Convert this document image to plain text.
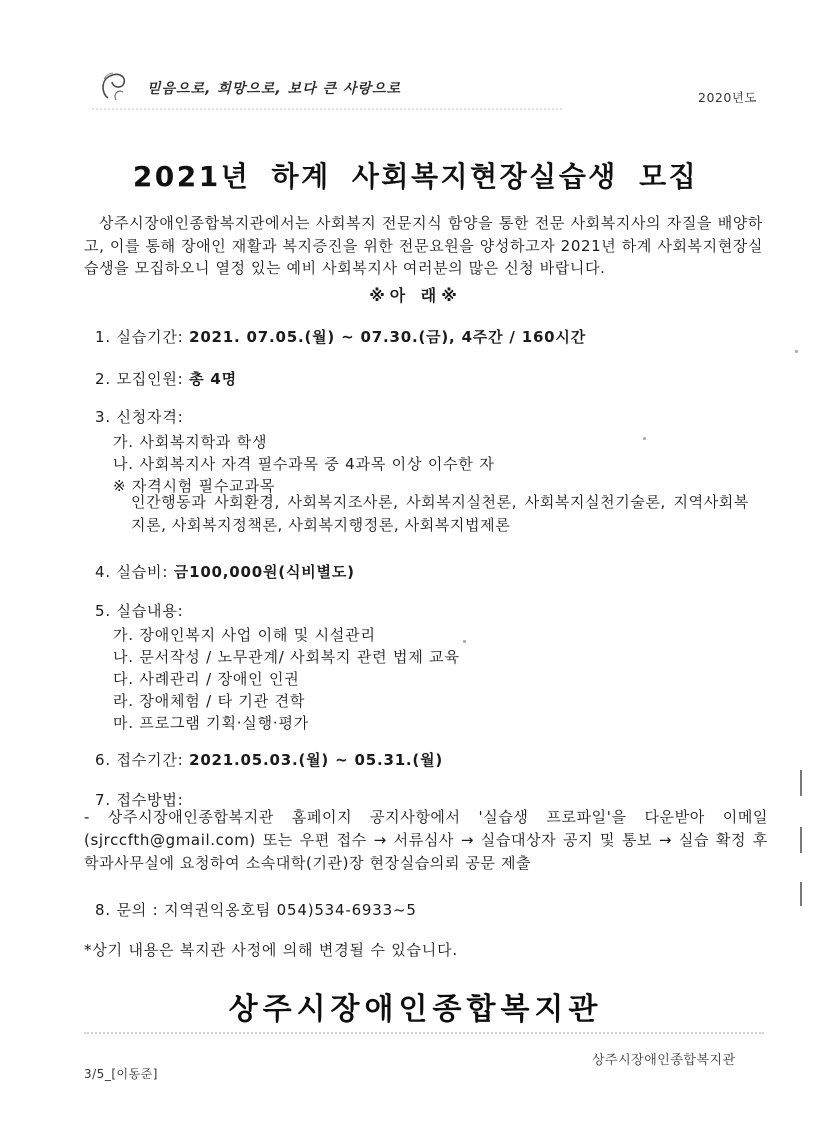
믿음으로, 희망으로, 보다 큰 사랑으로
2020년도
2021년 하계 사회복지현장실습생 모집

상주시장애인종합복지관에서는 사회복지 전문지식 함양을 통한 전문 사회복지사의 자질을 배양하고, 이를 통해 장애인 재활과 복지증진을 위한 전문요원을 양성하고자 2021년 하계 사회복지현장실습생을 모집하오니 열정 있는 예비 사회복지사 여러분의 많은 신청 바랍니다.

※아 래※
1. 실습기간: 2021. 07.05.(월) ~ 07.30.(금), 4주간 / 160시간
2. 모집인원: 총 4명
3. 신청자격:
가. 사회복지학과 학생
나. 사회복지사 자격 필수과목 중 4과목 이상 이수한 자
※ 자격시험 필수교과목

인간행동과 사회환경, 사회복지조사론, 사회복지실천론, 사회복지실천기술론, 지역사회복지론, 사회복지정책론, 사회복지행정론, 사회복지법제론

4. 실습비: 금100,000원(식비별도)
5. 실습내용:
가. 장애인복지 사업 이해 및 시설관리
나. 문서작성 / 노무관계/ 사회복지 관련 법제 교육
다. 사례관리 / 장애인 인권
라. 장애체험 / 타 기관 견학
마. 프로그램 기획·실행·평가
6. 접수기간: 2021.05.03.(월) ~ 05.31.(월)
7. 접수방법:

- 상주시장애인종합복지관 홈페이지 공지사항에서 '실습생 프로파일'을 다운받아 이메일 (sjrccfth@gmail.com) 또는 우편 접수 → 서류심사 → 실습대상자 공지 및 통보 → 실습 확정 후 학과사무실에 요청하여 소속대학(기관)장 현장실습의뢰 공문 제출

8. 문의 : 지역권익옹호팀 054)534-6933~5
*상기 내용은 복지관 사정에 의해 변경될 수 있습니다.
상주시장애인종합복지관
상주시장애인종합복지관
3/5_[이동준]
